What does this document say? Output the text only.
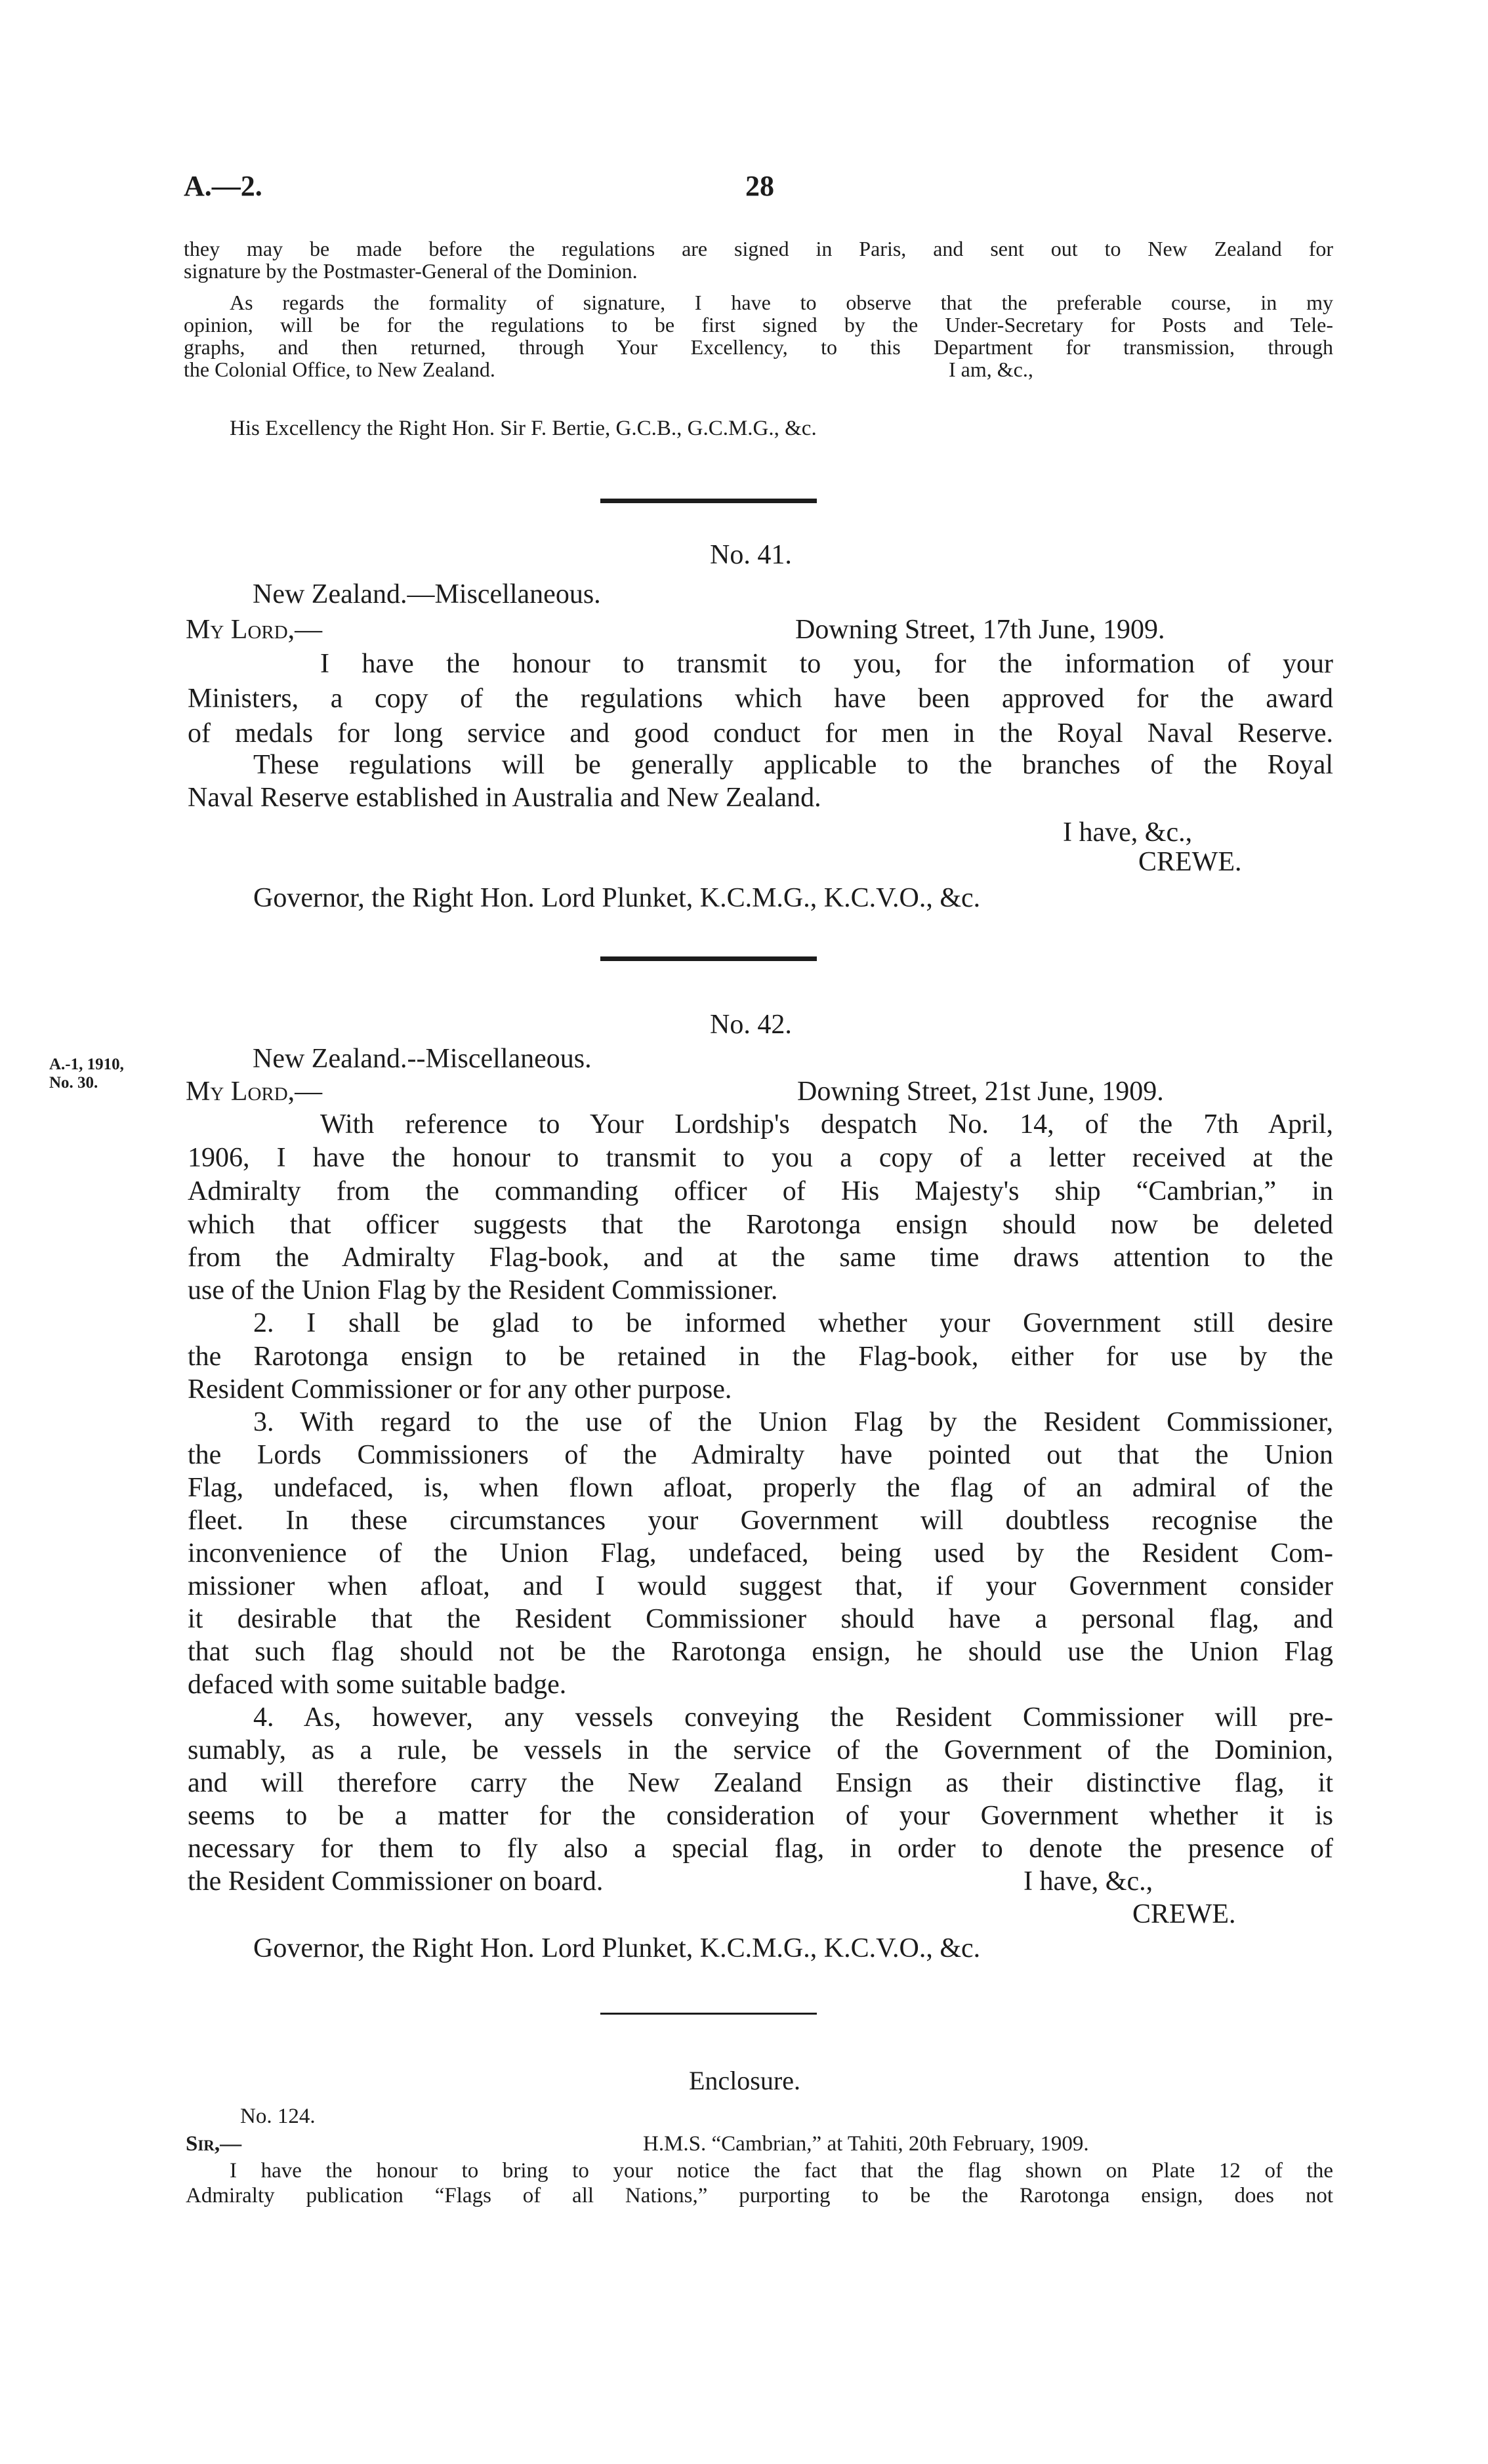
A.—2.	28
they may be made before the regulations are signed in Paris, and sent out to New Zealand for
signature by the Postmaster-General of the Dominion.
As regards the formality of signature, I have to observe that the preferable course, in my
opinion, will be for the regulations to be first signed by the Under-Secretary for Posts and Tele-
graphs, and then returned, through Your Excellency, to this Department for transmission, through
the Colonial Office, to New Zealand.	I am, &c.,
His Excellency the Right Hon. Sir F. Bertie, G.C.B., G.C.M.G., &c.
No. 41.
New Zealand.—Miscellaneous.
My Lord,—	Downing Street, 17th June, 1909.
I have the honour to transmit to you, for the information of your
Ministers, a copy of the regulations which have been approved for the award
of medals for long service and good conduct for men in the Royal Naval Reserve.
These regulations will be generally applicable to the branches of the Royal
Naval Reserve established in Australia and New Zealand.
I have, &c.,
CREWE.
Governor, the Right Hon. Lord Plunket, K.C.M.G., K.C.V.O., &c.
No. 42.
A.-1, 1910,
No. 30.
New Zealand.--Miscellaneous.
My Lord,—	Downing Street, 21st June, 1909.
With reference to Your Lordship's despatch No. 14, of the 7th April,
1906, I have the honour to transmit to you a copy of a letter received at the
Admiralty from the commanding officer of His Majesty's ship “Cambrian,” in
which that officer suggests that the Rarotonga ensign should now be deleted
from the Admiralty Flag-book, and at the same time draws attention to the
use of the Union Flag by the Resident Commissioner.
2. I shall be glad to be informed whether your Government still desire
the Rarotonga ensign to be retained in the Flag-book, either for use by the
Resident Commissioner or for any other purpose.
3. With regard to the use of the Union Flag by the Resident Commissioner,
the Lords Commissioners of the Admiralty have pointed out that the Union
Flag, undefaced, is, when flown afloat, properly the flag of an admiral of the
fleet. In these circumstances your Government will doubtless recognise the
inconvenience of the Union Flag, undefaced, being used by the Resident Com-
missioner when afloat, and I would suggest that, if your Government consider
it desirable that the Resident Commissioner should have a personal flag, and
that such flag should not be the Rarotonga ensign, he should use the Union Flag
defaced with some suitable badge.
4. As, however, any vessels conveying the Resident Commissioner will pre-
sumably, as a rule, be vessels in the service of the Government of the Dominion,
and will therefore carry the New Zealand Ensign as their distinctive flag, it
seems to be a matter for the consideration of your Government whether it is
necessary for them to fly also a special flag, in order to denote the presence of
the Resident Commissioner on board.	I have, &c.,
CREWE.
Governor, the Right Hon. Lord Plunket, K.C.M.G., K.C.V.O., &c.
Enclosure.
No. 124.
Sir,—	H.M.S. “Cambrian,” at Tahiti, 20th February, 1909.
I have the honour to bring to your notice the fact that the flag shown on Plate 12 of the
Admiralty publication “Flags of all Nations,” purporting to be the Rarotonga ensign, does not
